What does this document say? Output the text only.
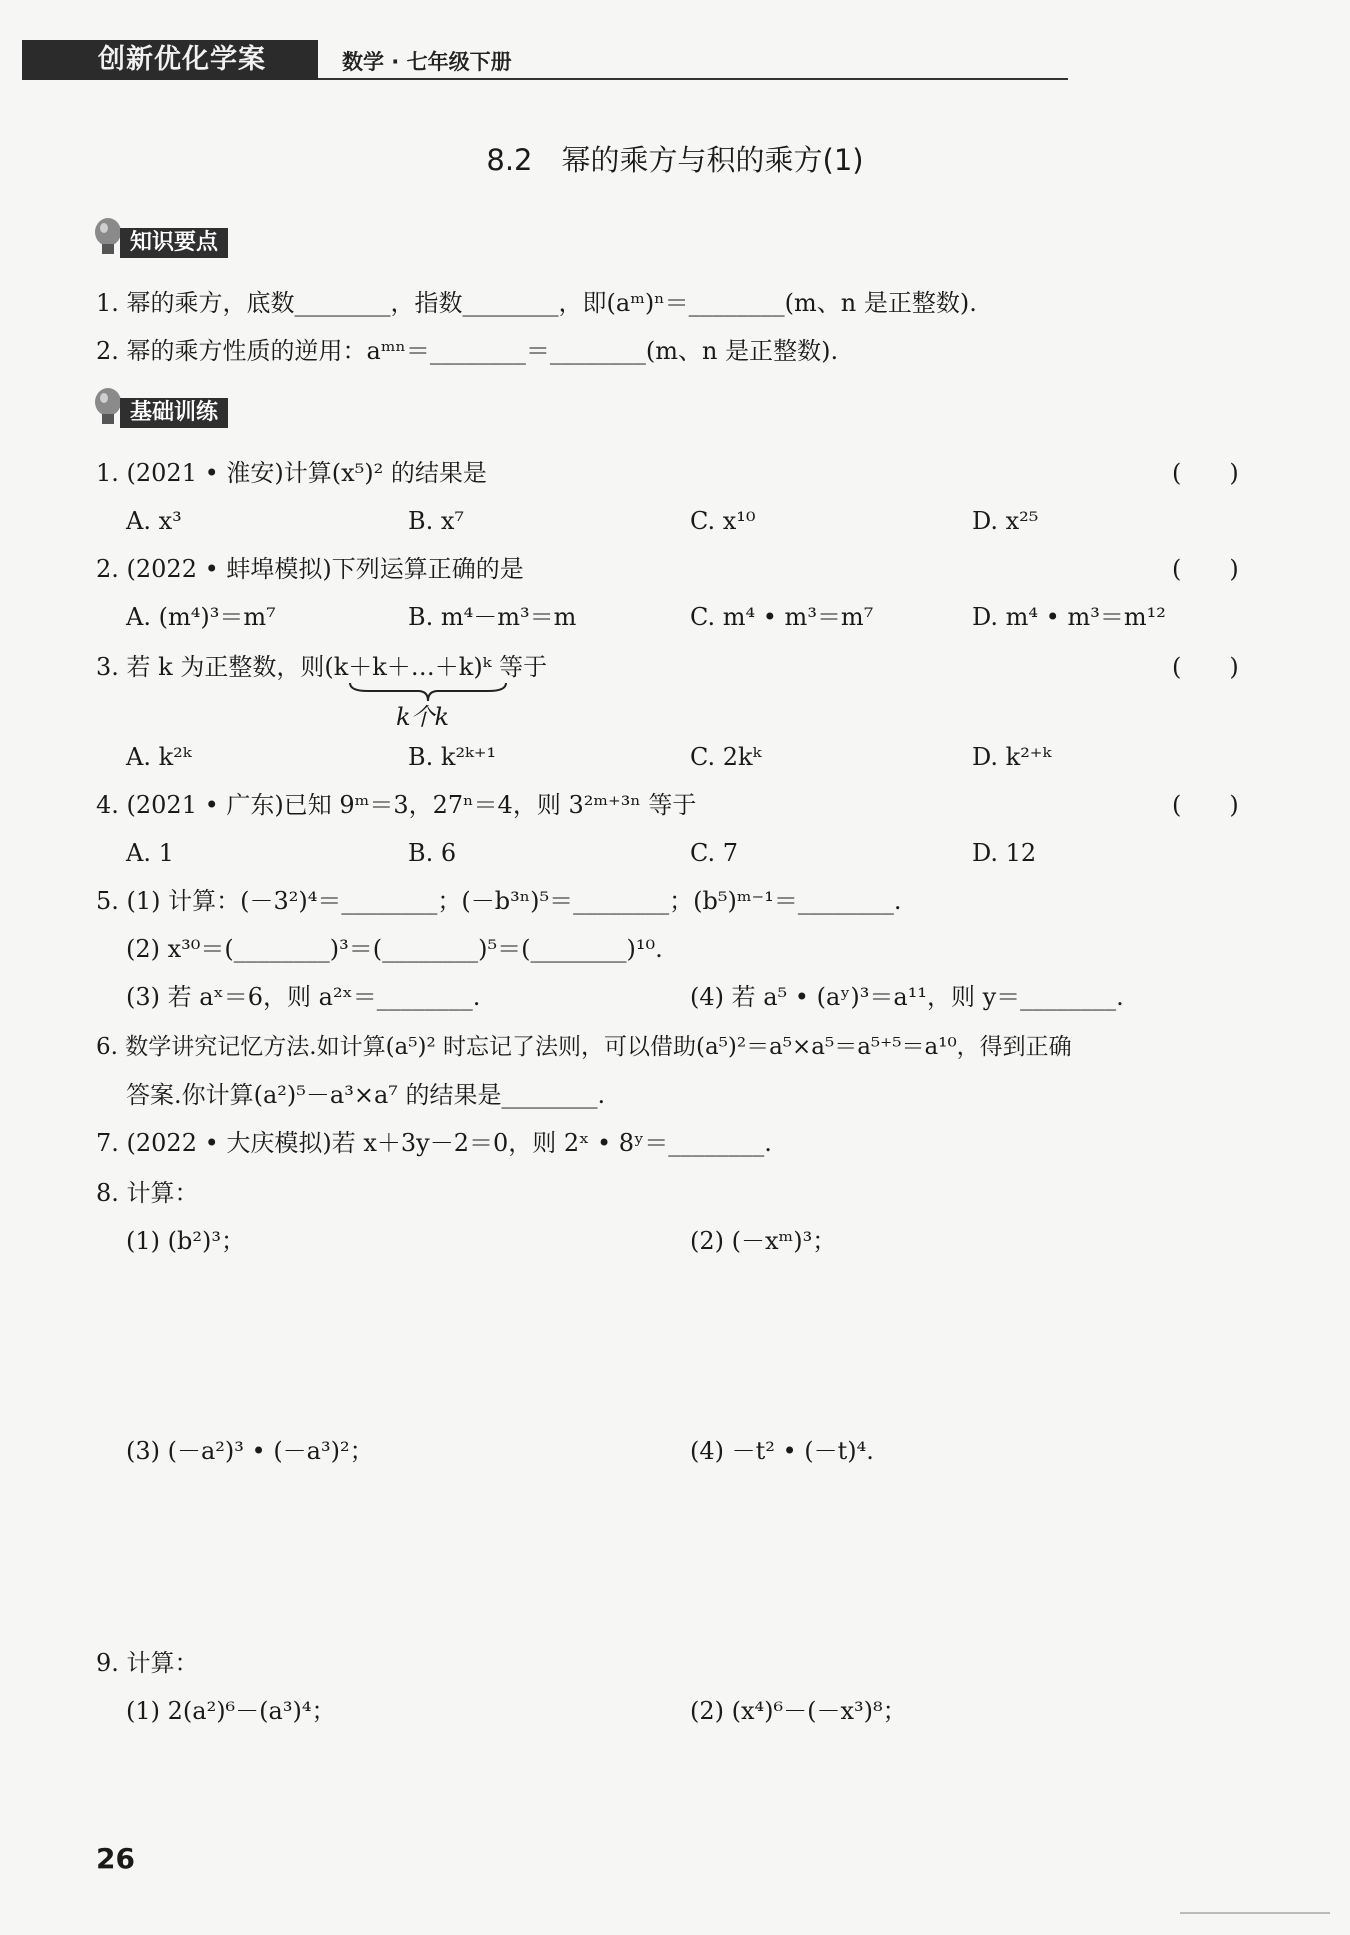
创新优化学案	数学 · 七年级下册
8.2　幂的乘方与积的乘方(1)
知识要点
1. 幂的乘方，底数________，指数________，即(aᵐ)ⁿ＝________(m、n 是正整数).
2. 幂的乘方性质的逆用：aᵐⁿ＝________＝________(m、n 是正整数).
基础训练
1. (2021 • 淮安)计算(x⁵)² 的结果是	(　　)
A. x³	B. x⁷	C. x¹⁰	D. x²⁵
2. (2022 • 蚌埠模拟)下列运算正确的是	(　　)
A. (m⁴)³＝m⁷	B. m⁴－m³＝m	C. m⁴ • m³＝m⁷	D. m⁴ • m³＝m¹²
3. 若 k 为正整数，则(k＋k＋…＋k)ᵏ 等于	(　　)
k个k
A. k²ᵏ	B. k²ᵏ⁺¹	C. 2kᵏ	D. k²⁺ᵏ
4. (2021 • 广东)已知 9ᵐ＝3，27ⁿ＝4，则 3²ᵐ⁺³ⁿ 等于	(　　)
A. 1	B. 6	C. 7	D. 12
5. (1) 计算：(－3²)⁴＝________；(－b³ⁿ)⁵＝________；(b⁵)ᵐ⁻¹＝________.
(2) x³⁰＝(________)³＝(________)⁵＝(________)¹⁰.
(3) 若 aˣ＝6，则 a²ˣ＝________.	(4) 若 a⁵ • (aʸ)³＝a¹¹，则 y＝________.
6. 数学讲究记忆方法.如计算(a⁵)² 时忘记了法则，可以借助(a⁵)²＝a⁵×a⁵＝a⁵⁺⁵＝a¹⁰，得到正确
答案.你计算(a²)⁵－a³×a⁷ 的结果是________.
7. (2022 • 大庆模拟)若 x＋3y－2＝0，则 2ˣ • 8ʸ＝________.
8. 计算：
(1) (b²)³；	(2) (－xᵐ)³；
(3) (－a²)³ • (－a³)²；	(4) －t² • (－t)⁴.
9. 计算：
(1) 2(a²)⁶－(a³)⁴；	(2) (x⁴)⁶－(－x³)⁸；
26
